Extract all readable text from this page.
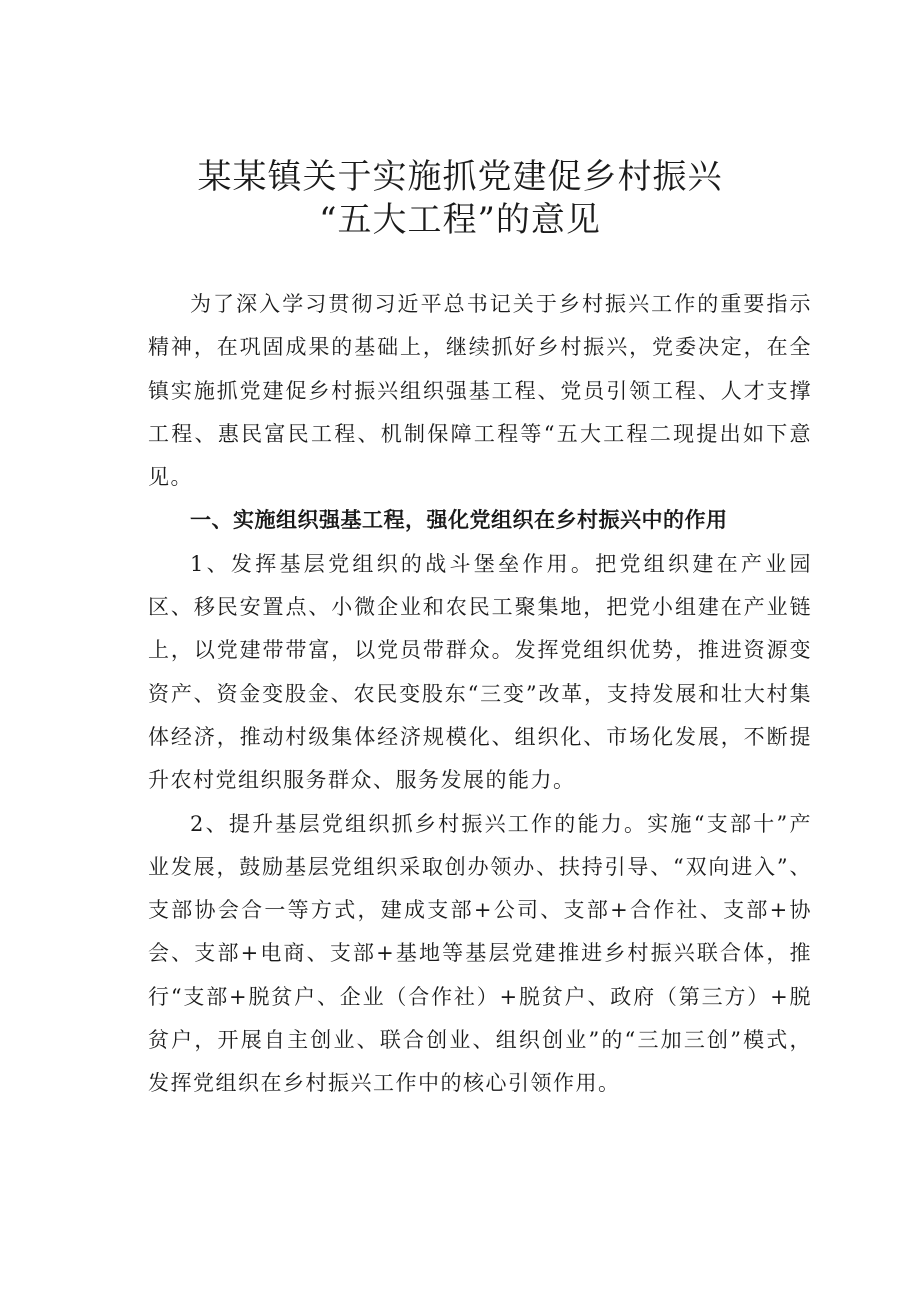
某某镇关于实施抓党建促乡村振兴
“五大工程”的意见

为了深入学习贯彻习近平总书记关于乡村振兴工作的重要指示精神，在巩固成果的基础上，继续抓好乡村振兴，党委决定，在全镇实施抓党建促乡村振兴组织强基工程、党员引领工程、人才支撑工程、惠民富民工程、机制保障工程等“五大工程二现提出如下意见。

一、实施组织强基工程，强化党组织在乡村振兴中的作用

1、发挥基层党组织的战斗堡垒作用。把党组织建在产业园区、移民安置点、小微企业和农民工聚集地，把党小组建在产业链上，以党建带带富，以党员带群众。发挥党组织优势，推进资源变资产、资金变股金、农民变股东“三变”改革，支持发展和壮大村集体经济，推动村级集体经济规模化、组织化、市场化发展，不断提升农村党组织服务群众、服务发展的能力。

2、提升基层党组织抓乡村振兴工作的能力。实施“支部十”产业发展，鼓励基层党组织采取创办领办、扶持引导、“双向进入”、支部协会合一等方式，建成支部+公司、支部+合作社、支部+协会、支部+电商、支部+基地等基层党建推进乡村振兴联合体，推行“支部+脱贫户、企业（合作社）+脱贫户、政府（第三方）+脱贫户，开展自主创业、联合创业、组织创业”的“三加三创”模式，发挥党组织在乡村振兴工作中的核心引领作用。
